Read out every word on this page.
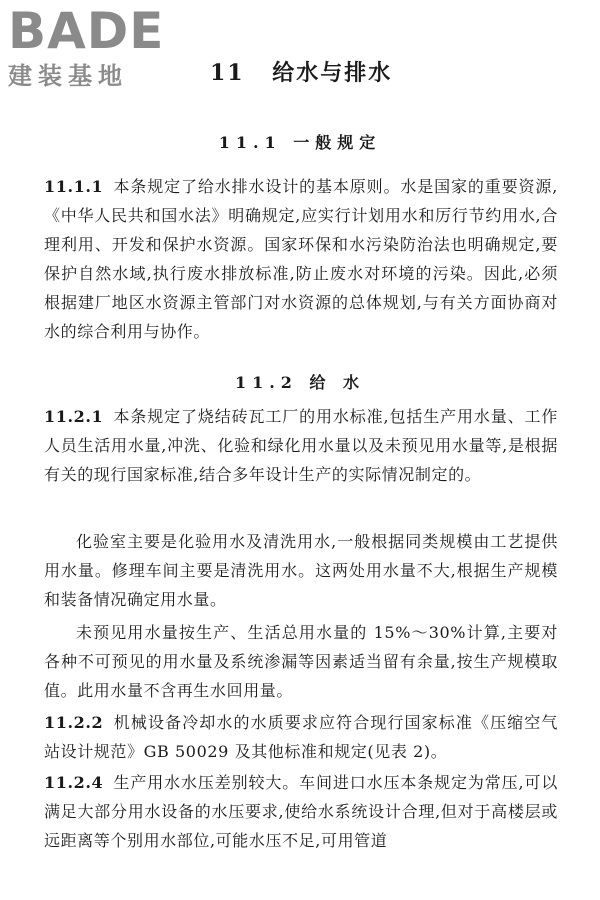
BADE
建装基地	11 给水与排水
11.1 一般规定

11.1.1 本条规定了给水排水设计的基本原则。水是国家的重要资源,《中华人民共和国水法》明确规定,应实行计划用水和厉行节约用水,合理利用、开发和保护水资源。国家环保和水污染防治法也明确规定,要保护自然水域,执行废水排放标准,防止废水对环境的污染。因此,必须根据建厂地区水资源主管部门对水资源的总体规划,与有关方面协商对水的综合利用与协作。

11.2 给 水

11.2.1 本条规定了烧结砖瓦工厂的用水标准,包括生产用水量、工作人员生活用水量,冲洗、化验和绿化用水量以及未预见用水量等,是根据有关的现行国家标准,结合多年设计生产的实际情况制定的。

化验室主要是化验用水及清洗用水,一般根据同类规模由工艺提供用水量。修理车间主要是清洗用水。这两处用水量不大,根据生产规模和装备情况确定用水量。

未预见用水量按生产、生活总用水量的 15%～30%计算,主要对各种不可预见的用水量及系统渗漏等因素适当留有余量,按生产规模取值。此用水量不含再生水回用量。

11.2.2 机械设备冷却水的水质要求应符合现行国家标准《压缩空气站设计规范》GB 50029 及其他标准和规定(见表 2)。

11.2.4 生产用水水压差别较大。车间进口水压本条规定为常压,可以满足大部分用水设备的水压要求,使给水系统设计合理,但对于高楼层或远距离等个别用水部位,可能水压不足,可用管道
